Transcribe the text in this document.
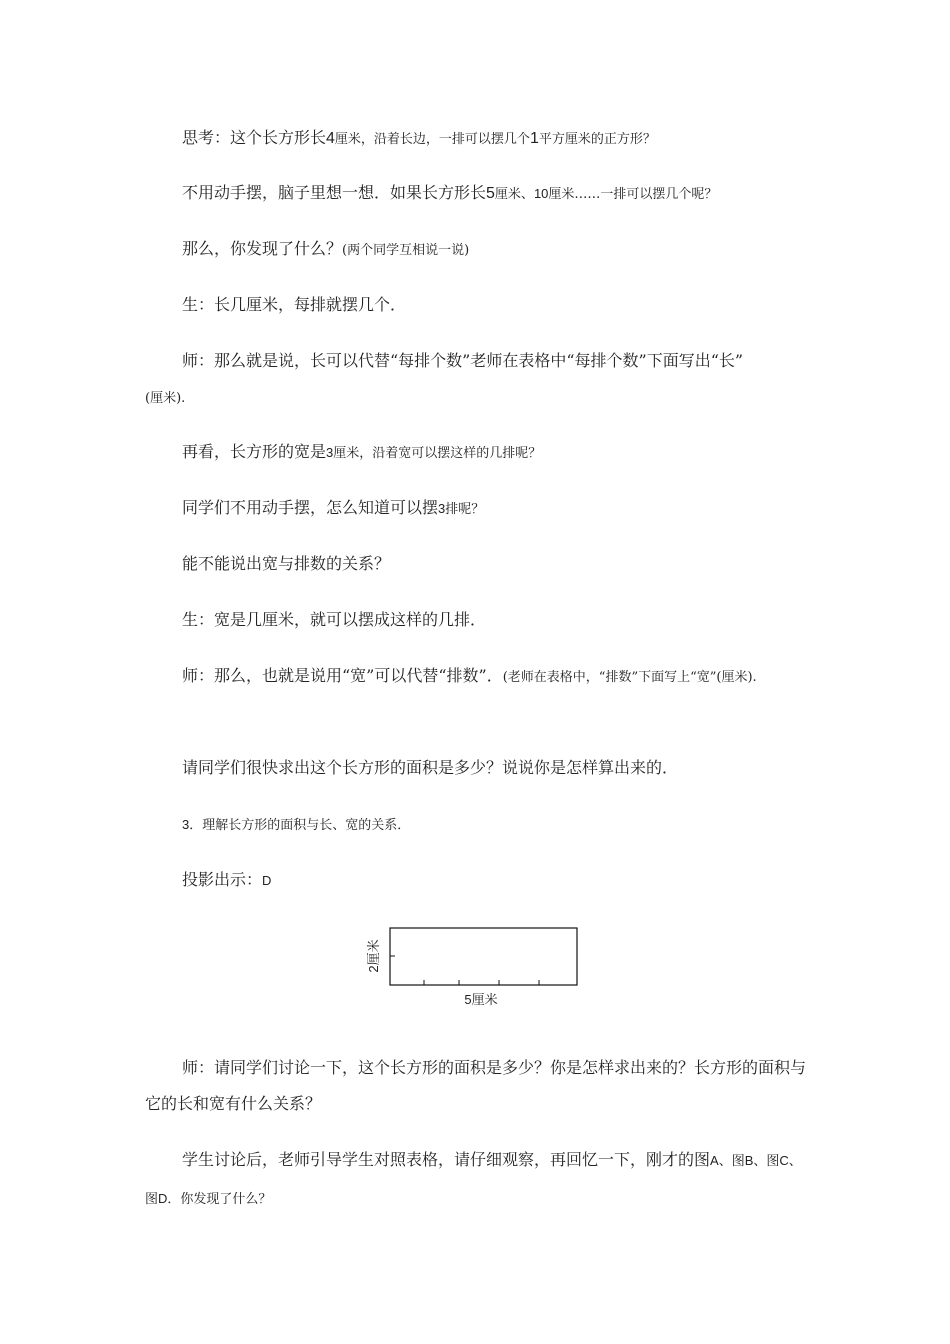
思考：这个长方形长4厘米，沿着长边，一排可以摆几个1平方厘米的正方形？

不用动手摆，脑子里想一想．如果长方形长5厘米、10厘米……一排可以摆几个呢？

那么，你发现了什么？(两个同学互相说一说)

生：长几厘米，每排就摆几个．

师：那么就是说，长可以代替“每排个数”老师在表格中“每排个数”下面写出“长”
(厘米).

再看，长方形的宽是3厘米，沿着宽可以摆这样的几排呢？

同学们不用动手摆，怎么知道可以摆3排呢？

能不能说出宽与排数的关系？

生：宽是几厘米，就可以摆成这样的几排．

师：那么，也就是说用“宽”可以代替“排数”．(老师在表格中，“排数”下面写上“宽”(厘米).

请同学们很快求出这个长方形的面积是多少？说说你是怎样算出来的．

3．理解长方形的面积与长、宽的关系．

投影出示：D

2厘米
5厘米

师：请同学们讨论一下，这个长方形的面积是多少？你是怎样求出来的？长方形的面积与它的长和宽有什么关系？

学生讨论后，老师引导学生对照表格，请仔细观察，再回忆一下，刚才的图A、图B、图C、图D．你发现了什么？
